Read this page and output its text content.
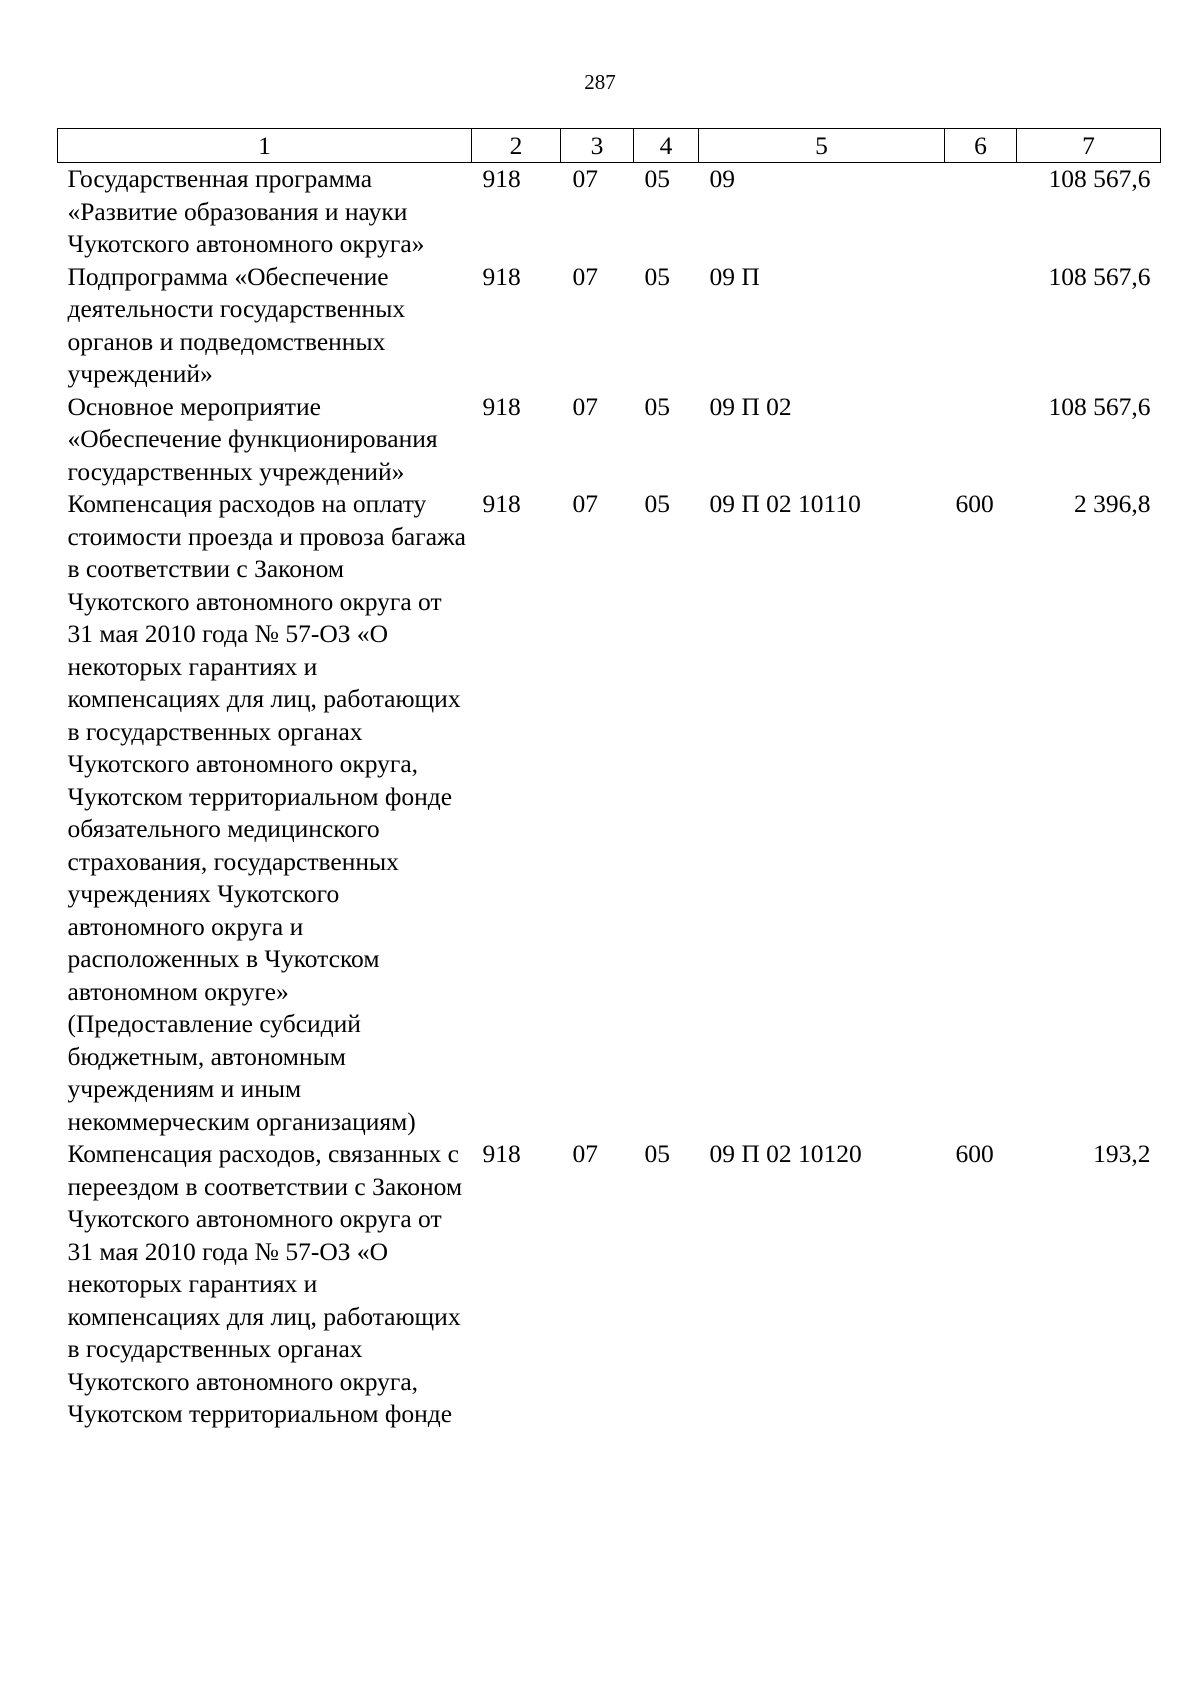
287
1	2	3	4	5	6	7
Государственная программа «Развитие образования и науки Чукотского автономного округа»	918	07	05	09		108 567,6
Подпрограмма «Обеспечение деятельности государственных органов и подведомственных учреждений»	918	07	05	09 П		108 567,6
Основное мероприятие «Обеспечение функционирования государственных учреждений»	918	07	05	09 П 02		108 567,6
Компенсация расходов на оплату стоимости проезда и провоза багажа в соответствии с Законом Чукотского автономного округа от 31 мая 2010 года № 57-ОЗ «О некоторых гарантиях и компенсациях для лиц, работающих в государственных органах Чукотского автономного округа, Чукотском территориальном фонде обязательного медицинского страхования, государственных учреждениях Чукотского автономного округа и расположенных в Чукотском автономном округе» (Предоставление субсидий бюджетным, автономным учреждениям и иным некоммерческим организациям)	918	07	05	09 П 02 10110	600	2 396,8
Компенсация расходов, связанных с переездом в соответствии с Законом Чукотского автономного округа от 31 мая 2010 года № 57-ОЗ «О некоторых гарантиях и компенсациях для лиц, работающих в государственных органах Чукотского автономного округа, Чукотском территориальном фонде	918	07	05	09 П 02 10120	600	193,2
